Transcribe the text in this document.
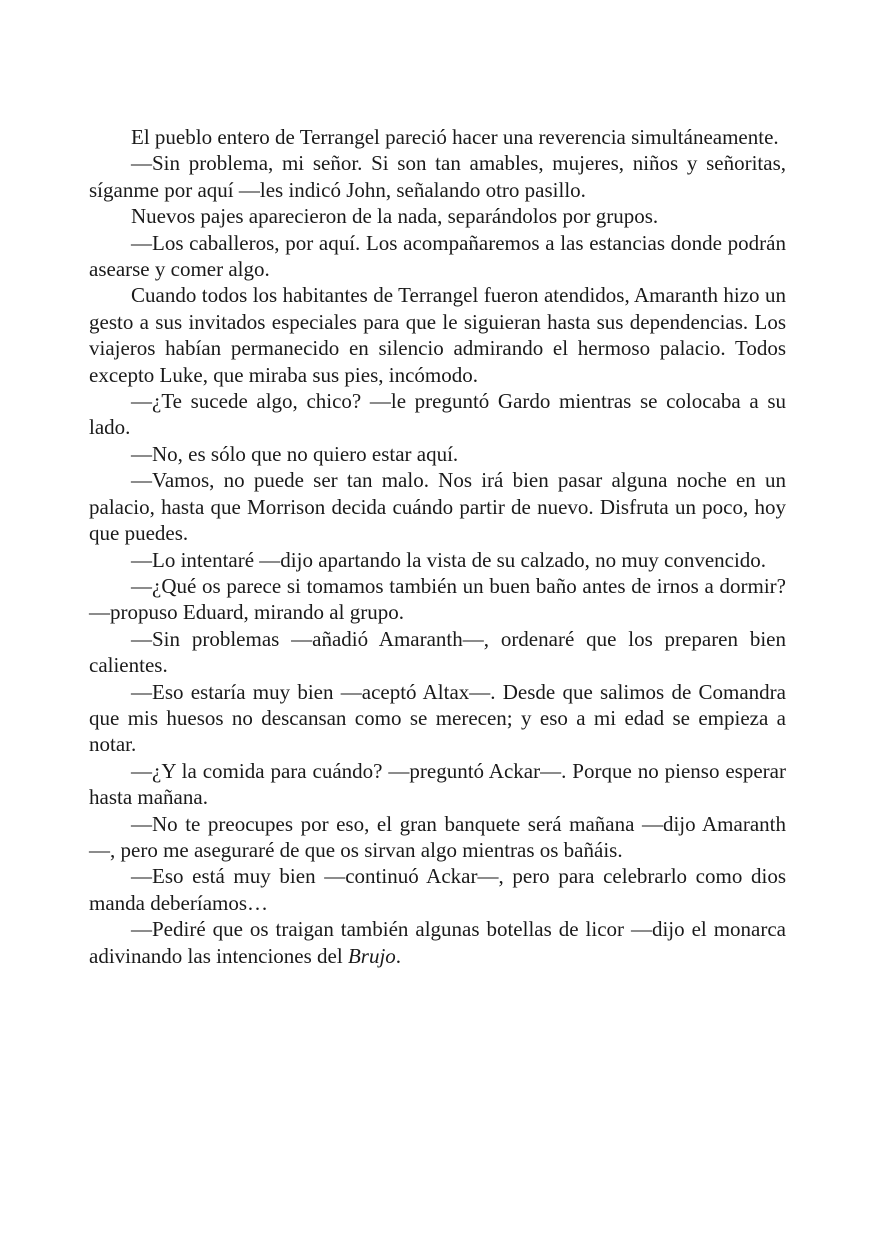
El pueblo entero de Terrangel pareció hacer una reverencia simultáneamente.

—Sin problema, mi señor. Si son tan amables, mujeres, niños y señoritas, síganme por aquí —les indicó John, señalando otro pasillo.

Nuevos pajes aparecieron de la nada, separándolos por grupos.

—Los caballeros, por aquí. Los acompañaremos a las estancias donde podrán asearse y comer algo.

Cuando todos los habitantes de Terrangel fueron atendidos, Amaranth hizo un gesto a sus invitados especiales para que le siguieran hasta sus dependencias. Los viajeros habían permanecido en silencio admirando el hermoso palacio. Todos excepto Luke, que miraba sus pies, incómodo.

—¿Te sucede algo, chico? —le preguntó Gardo mientras se colocaba a su lado.

—No, es sólo que no quiero estar aquí.

—Vamos, no puede ser tan malo. Nos irá bien pasar alguna noche en un palacio, hasta que Morrison decida cuándo partir de nuevo. Disfruta un poco, hoy que puedes.

—Lo intentaré —dijo apartando la vista de su calzado, no muy convencido.

—¿Qué os parece si tomamos también un buen baño antes de irnos a dormir? —propuso Eduard, mirando al grupo.

—Sin problemas —añadió Amaranth—, ordenaré que los preparen bien calientes.

—Eso estaría muy bien —aceptó Altax—. Desde que salimos de Comandra que mis huesos no descansan como se merecen; y eso a mi edad se empieza a notar.

—¿Y la comida para cuándo? —preguntó Ackar—. Porque no pienso esperar hasta mañana.

—No te preocupes por eso, el gran banquete será mañana —dijo Amaranth—, pero me aseguraré de que os sirvan algo mientras os bañáis.

—Eso está muy bien —continuó Ackar—, pero para celebrarlo como dios manda deberíamos…

—Pediré que os traigan también algunas botellas de licor —dijo el monarca adivinando las intenciones del Brujo.
